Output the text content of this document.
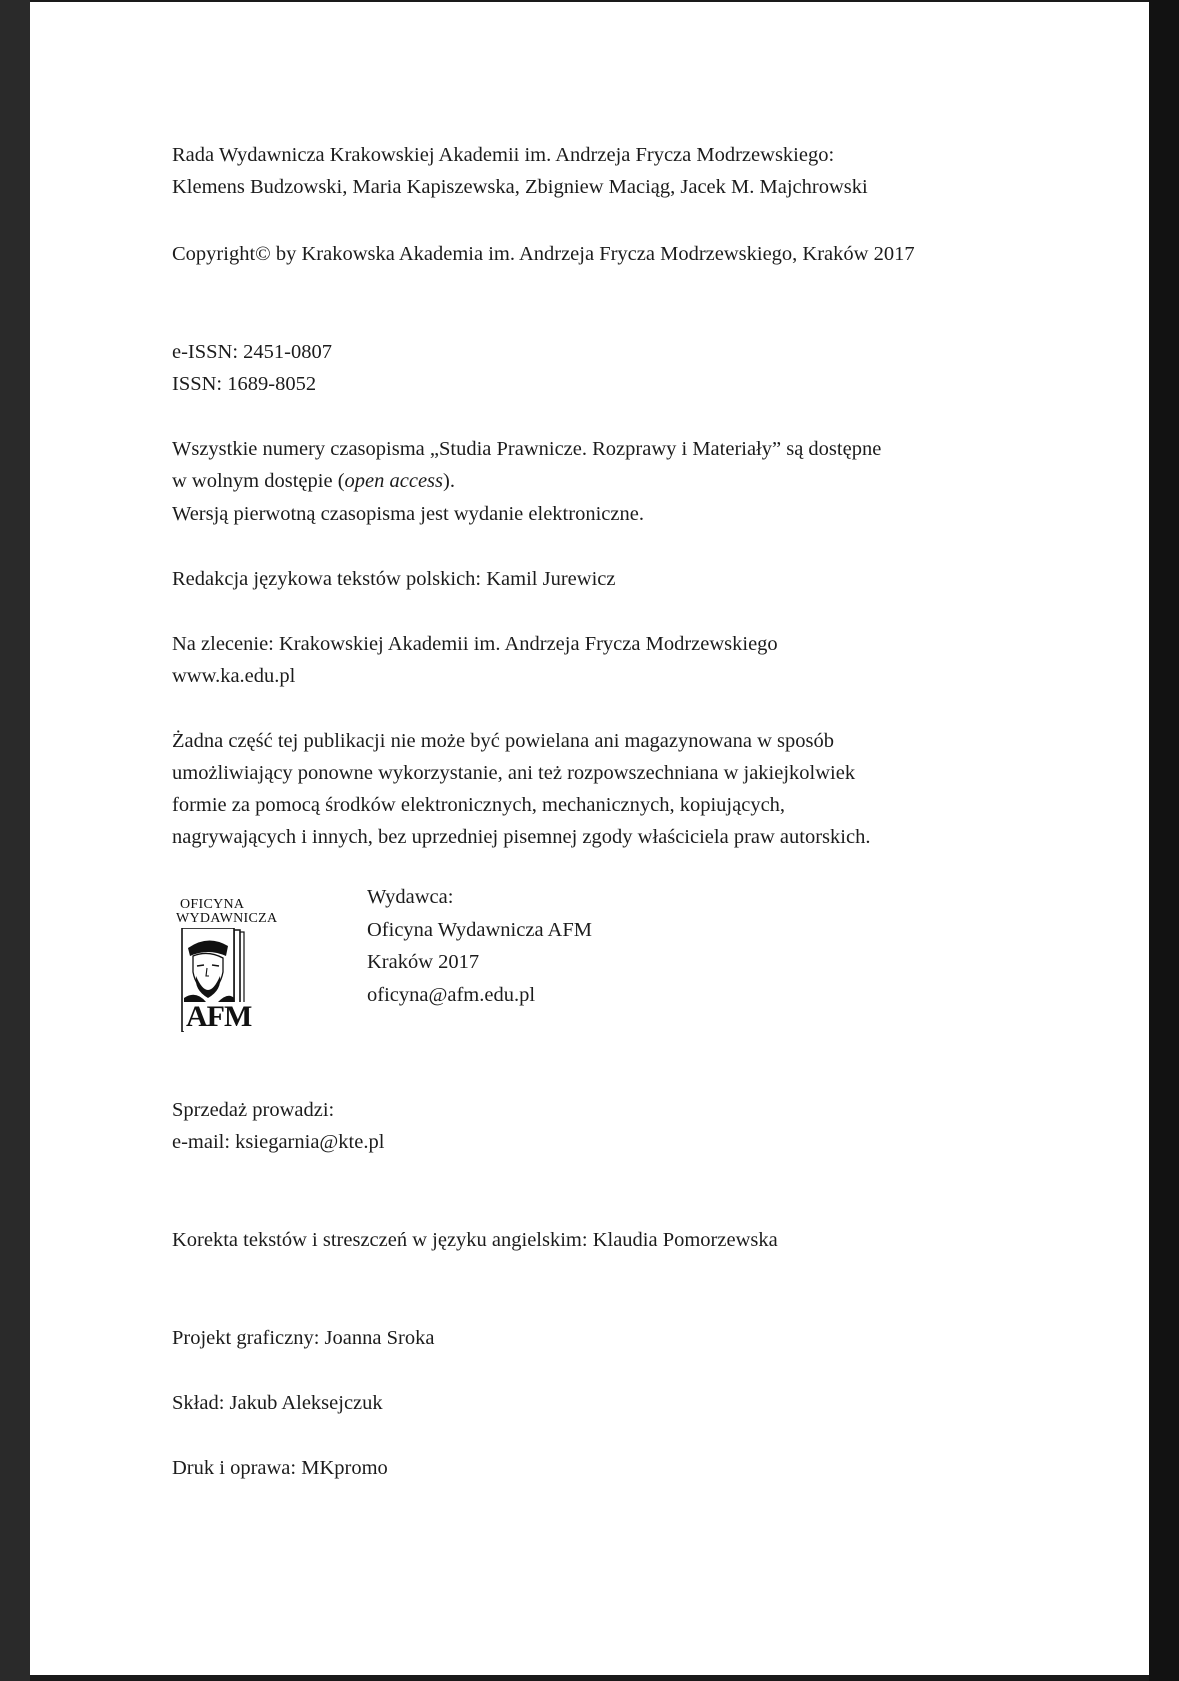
Rada Wydawnicza Krakowskiej Akademii im. Andrzeja Frycza Modrzewskiego:

Klemens Budzowski, Maria Kapiszewska, Zbigniew Maciąg, Jacek M. Majchrowski

Copyright© by Krakowska Akademia im. Andrzeja Frycza Modrzewskiego, Kraków 2017

e-ISSN: 2451-0807

ISSN: 1689-8052

Wszystkie numery czasopisma „Studia Prawnicze. Rozprawy i Materiały” są dostępne

w wolnym dostępie (open access).

Wersją pierwotną czasopisma jest wydanie elektroniczne.

Redakcja językowa tekstów polskich: Kamil Jurewicz

Na zlecenie: Krakowskiej Akademii im. Andrzeja Frycza Modrzewskiego

www.ka.edu.pl

Żadna część tej publikacji nie może być powielana ani magazynowana w sposób

umożliwiający ponowne wykorzystanie, ani też rozpowszechniana w jakiejkolwiek

formie za pomocą środków elektronicznych, mechanicznych, kopiujących,

nagrywających i innych, bez uprzedniej pisemnej zgody właściciela praw autorskich.

OFICYNA
WYDAWNICZA
AFM
Wydawca:
Oficyna Wydawnicza AFM
Kraków 2017
oficyna@afm.edu.pl

Sprzedaż prowadzi:

e-mail: ksiegarnia@kte.pl

Korekta tekstów i streszczeń w języku angielskim: Klaudia Pomorzewska

Projekt graficzny: Joanna Sroka

Skład: Jakub Aleksejczuk

Druk i oprawa: MKpromo
